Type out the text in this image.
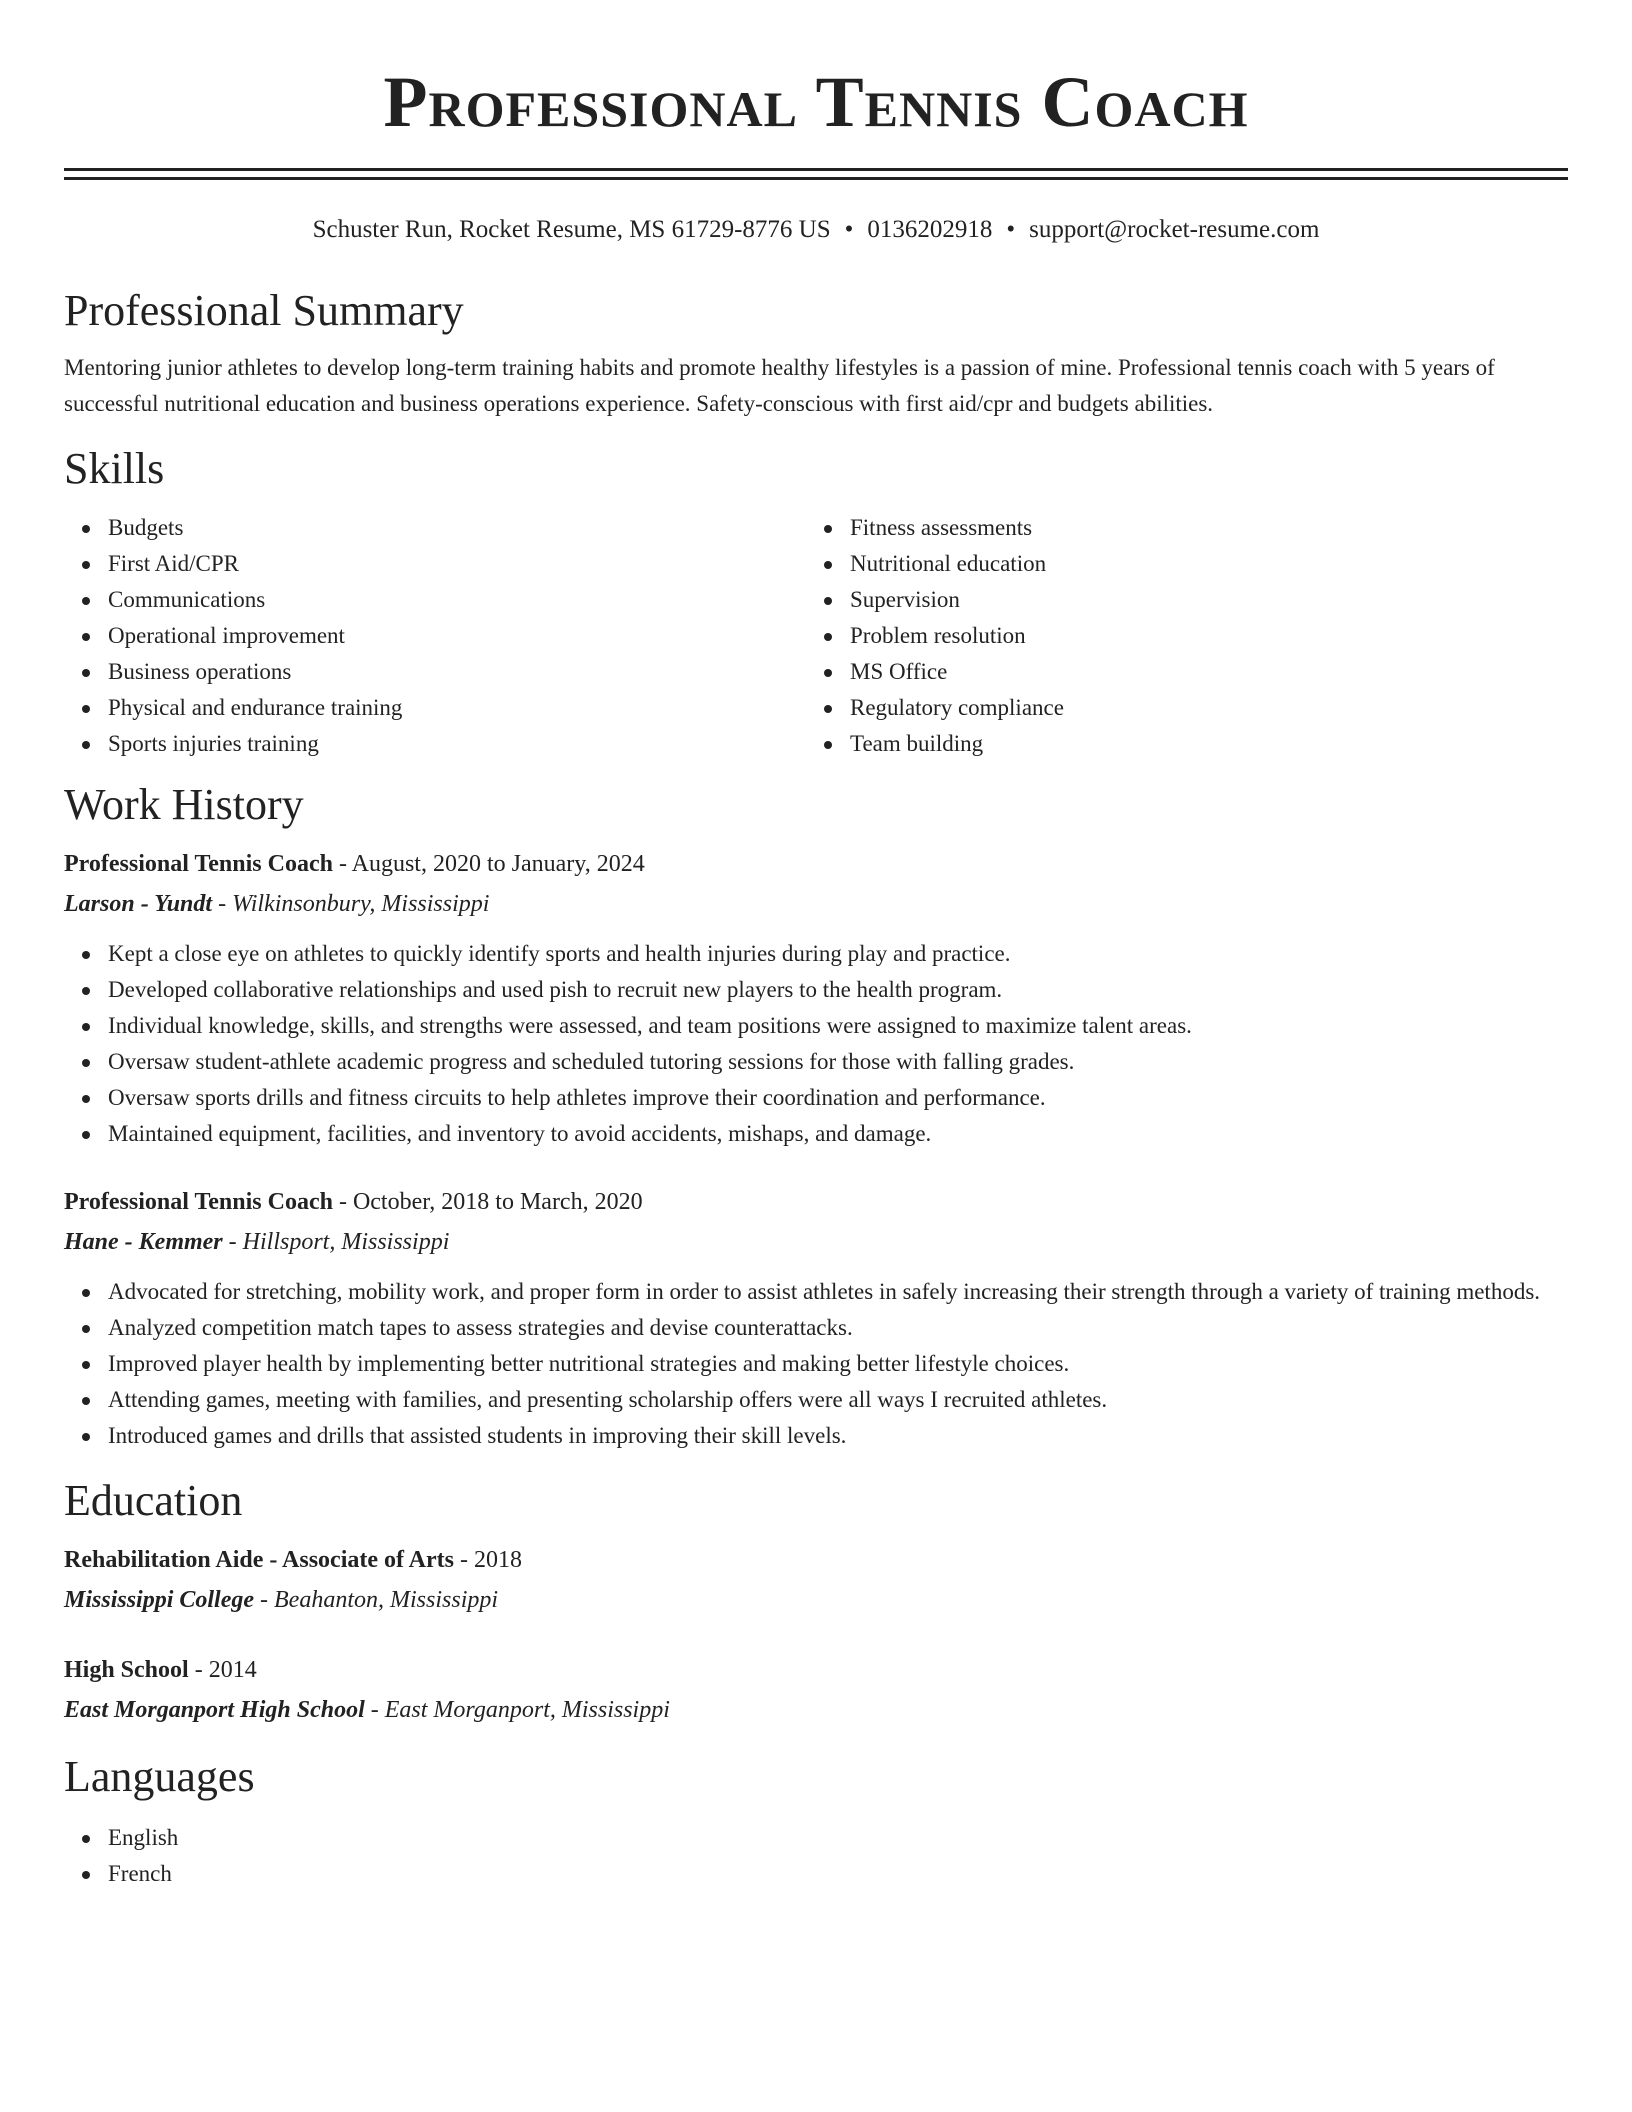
Professional Tennis Coach
Schuster Run, Rocket Resume, MS 61729-8776 US • 0136202918 • support@rocket-resume.com
Professional Summary
Mentoring junior athletes to develop long-term training habits and promote healthy lifestyles is a passion of mine. Professional tennis coach with 5 years of successful nutritional education and business operations experience. Safety-conscious with first aid/cpr and budgets abilities.
Skills
Budgets
First Aid/CPR
Communications
Operational improvement
Business operations
Physical and endurance training
Sports injuries training
Fitness assessments
Nutritional education
Supervision
Problem resolution
MS Office
Regulatory compliance
Team building
Work History
Professional Tennis Coach - August, 2020 to January, 2024
Larson - Yundt - Wilkinsonbury, Mississippi
Kept a close eye on athletes to quickly identify sports and health injuries during play and practice.
Developed collaborative relationships and used pish to recruit new players to the health program.
Individual knowledge, skills, and strengths were assessed, and team positions were assigned to maximize talent areas.
Oversaw student-athlete academic progress and scheduled tutoring sessions for those with falling grades.
Oversaw sports drills and fitness circuits to help athletes improve their coordination and performance.
Maintained equipment, facilities, and inventory to avoid accidents, mishaps, and damage.
Professional Tennis Coach - October, 2018 to March, 2020
Hane - Kemmer - Hillsport, Mississippi
Advocated for stretching, mobility work, and proper form in order to assist athletes in safely increasing their strength through a variety of training methods.
Analyzed competition match tapes to assess strategies and devise counterattacks.
Improved player health by implementing better nutritional strategies and making better lifestyle choices.
Attending games, meeting with families, and presenting scholarship offers were all ways I recruited athletes.
Introduced games and drills that assisted students in improving their skill levels.
Education
Rehabilitation Aide - Associate of Arts - 2018
Mississippi College - Beahanton, Mississippi
High School - 2014
East Morganport High School - East Morganport, Mississippi
Languages
English
French
